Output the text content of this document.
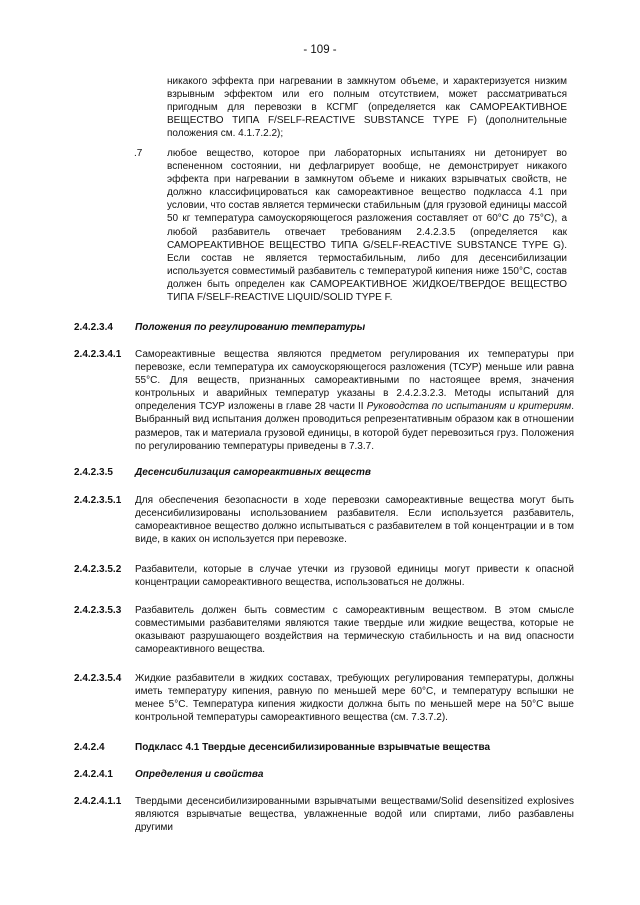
- 109 -
никакого эффекта при нагревании в замкнутом объеме, и характеризуется низким взрывным эффектом или его полным отсутствием, может рассматриваться пригодным для перевозки в КСГМГ (определяется как САМОРЕАКТИВНОЕ ВЕЩЕСТВО ТИПА F/SELF-REACTIVE SUBSTANCE TYPE F) (дополнительные положения см. 4.1.7.2.2);
.7 любое вещество, которое при лабораторных испытаниях ни детонирует во вспененном состоянии, ни дефлагрирует вообще, не демонстрирует никакого эффекта при нагревании в замкнутом объеме и никаких взрывчатых свойств, не должно классифицироваться как самореактивное вещество подкласса 4.1 при условии, что состав является термически стабильным (для грузовой единицы массой 50 кг температура самоускоряющегося разложения составляет от 60°C до 75°C), а любой разбавитель отвечает требованиям 2.4.2.3.5 (определяется как САМОРЕАКТИВНОЕ ВЕЩЕСТВО ТИПА G/SELF-REACTIVE SUBSTANCE TYPE G). Если состав не является термостабильным, либо для десенсибилизации используется совместимый разбавитель с температурой кипения ниже 150°С, состав должен быть определен как САМОРЕАКТИВНОЕ ЖИДКОЕ/ТВЕРДОЕ ВЕЩЕСТВО ТИПА F/SELF-REACTIVE LIQUID/SOLID TYPE F.
2.4.2.3.4 Положения по регулированию температуры
2.4.2.3.4.1 Самореактивные вещества являются предметом регулирования их температуры при перевозке, если температура их самоускоряющегося разложения (ТСУР) меньше или равна 55°C. Для веществ, признанных самореактивными по настоящее время, значения контрольных и аварийных температур указаны в 2.4.2.3.2.3. Методы испытаний для определения ТСУР изложены в главе 28 части II Руководства по испытаниям и критериям. Выбранный вид испытания должен проводиться репрезентативным образом как в отношении размеров, так и материала грузовой единицы, в которой будет перевозиться груз. Положения по регулированию температуры приведены в 7.3.7.
2.4.2.3.5 Десенсибилизация самореактивных веществ
2.4.2.3.5.1 Для обеспечения безопасности в ходе перевозки самореактивные вещества могут быть десенсибилизированы использованием разбавителя. Если используется разбавитель, самореактивное вещество должно испытываться с разбавителем в той концентрации и в том виде, в каких он используется при перевозке.
2.4.2.3.5.2 Разбавители, которые в случае утечки из грузовой единицы могут привести к опасной концентрации самореактивного вещества, использоваться не должны.
2.4.2.3.5.3 Разбавитель должен быть совместим с самореактивным веществом. В этом смысле совместимыми разбавителями являются такие твердые или жидкие вещества, которые не оказывают разрушающего воздействия на термическую стабильность и на вид опасности самореактивного вещества.
2.4.2.3.5.4 Жидкие разбавители в жидких составах, требующих регулирования температуры, должны иметь температуру кипения, равную по меньшей мере 60°С, и температуру вспышки не менее 5°С. Температура кипения жидкости должна быть по меньшей мере на 50°С выше контрольной температуры самореактивного вещества (см. 7.3.7.2).
2.4.2.4	Подкласс 4.1 Твердые десенсибилизированные взрывчатые вещества
2.4.2.4.1 Определения и свойства
2.4.2.4.1.1 Твердыми десенсибилизированными взрывчатыми веществами/Solid desensitized explosives являются взрывчатые вещества, увлажненные водой или спиртами, либо разбавлены другими
